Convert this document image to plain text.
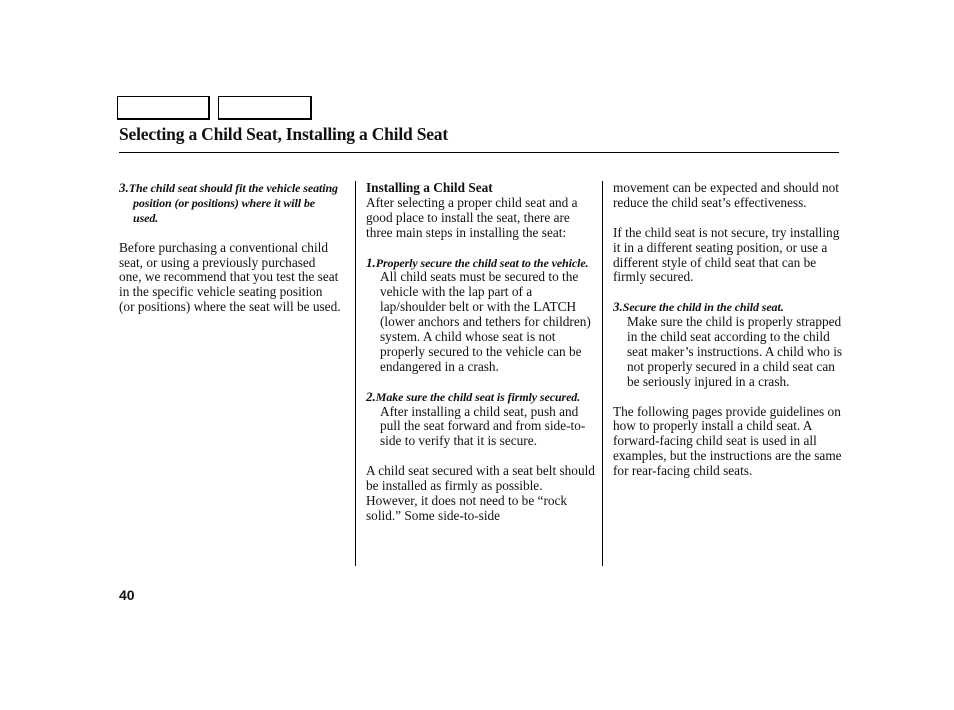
Selecting a Child Seat, Installing a Child Seat

3.The child seat should fit the vehicle seating position (or positions) where it will be used.

Before purchasing a conventional child seat, or using a previously purchased one, we recommend that you test the seat in the specific vehicle seating position (or positions) where the seat will be used.

Installing a Child Seat

After selecting a proper child seat and a good place to install the seat, there are three main steps in installing the seat:

1.Properly secure the child seat to the vehicle. All child seats must be secured to the vehicle with the lap part of a lap/shoulder belt or with the LATCH (lower anchors and tethers for children) system. A child whose seat is not properly secured to the vehicle can be endangered in a crash.

2.Make sure the child seat is firmly secured. After installing a child seat, push and pull the seat forward and from side-to-side to verify that it is secure.

A child seat secured with a seat belt should be installed as firmly as possible. However, it does not need to be “rock solid.” Some side-to-side

movement can be expected and should not reduce the child seat’s effectiveness.

If the child seat is not secure, try installing it in a different seating position, or use a different style of child seat that can be firmly secured.

3.Secure the child in the child seat.
Make sure the child is properly strapped in the child seat according to the child seat maker’s instructions. A child who is not properly secured in a child seat can be seriously injured in a crash.

The following pages provide guidelines on how to properly install a child seat. A forward-facing child seat is used in all examples, but the instructions are the same for rear-facing child seats.

40
